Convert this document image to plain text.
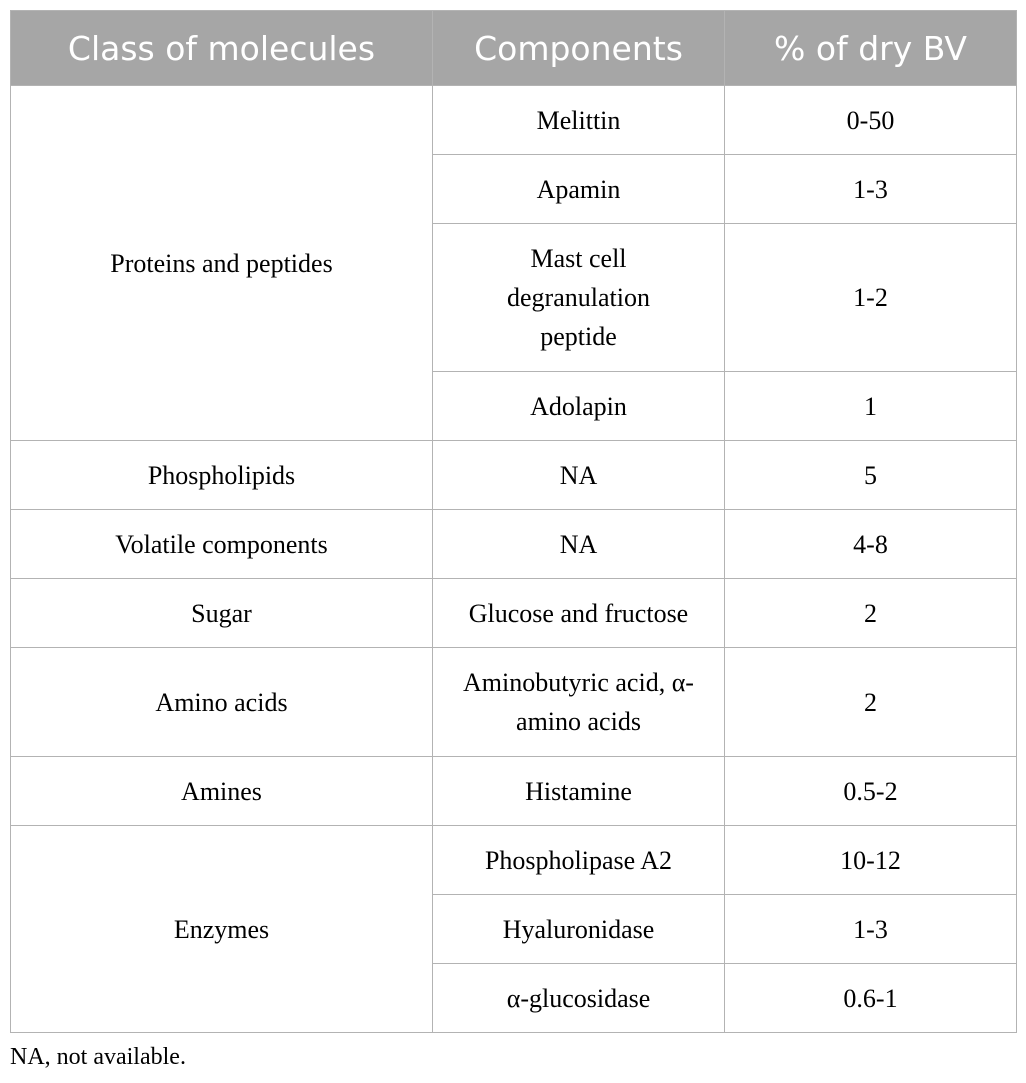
Class of molecules	Components	% of dry BV
Proteins and peptides	Melittin	0-50
	Apamin	1-3
	Mast cell degranulation peptide	1-2
	Adolapin	1
Phospholipids	NA	5
Volatile components	NA	4-8
Sugar	Glucose and fructose	2
Amino acids	Aminobutyric acid, α-amino acids	2
Amines	Histamine	0.5-2
Enzymes	Phospholipase A2	10-12
	Hyaluronidase	1-3
	α-glucosidase	0.6-1
NA, not available.
